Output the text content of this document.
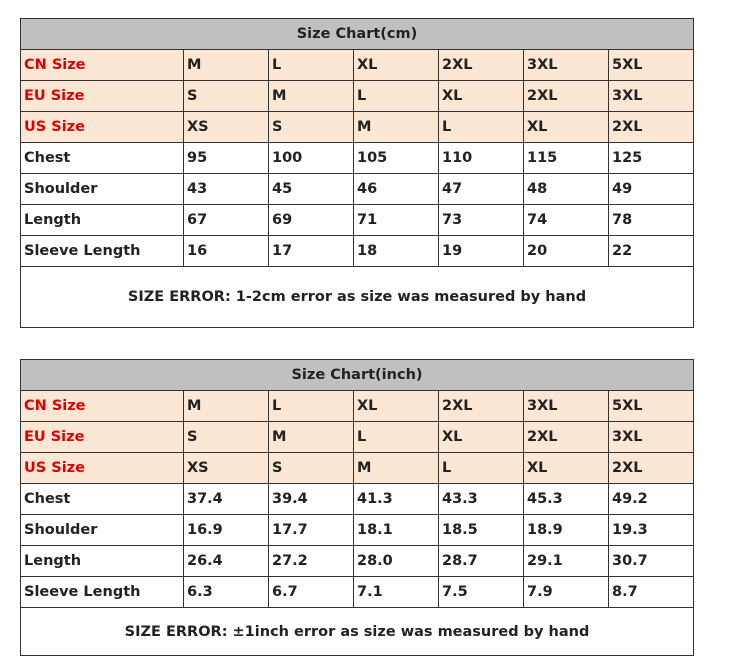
Size Chart(cm)						
CN Size	M	L	XL	2XL	3XL	5XL
EU Size	S	M	L	XL	2XL	3XL
US Size	XS	S	M	L	XL	2XL
Chest	95	100	105	110	115	125
Shoulder	43	45	46	47	48	49
Length	67	69	71	73	74	78
Sleeve Length	16	17	18	19	20	22
SIZE ERROR: 1-2cm error as size was measured by hand						
Size Chart(inch)						
CN Size	M	L	XL	2XL	3XL	5XL
EU Size	S	M	L	XL	2XL	3XL
US Size	XS	S	M	L	XL	2XL
Chest	37.4	39.4	41.3	43.3	45.3	49.2
Shoulder	16.9	17.7	18.1	18.5	18.9	19.3
Length	26.4	27.2	28.0	28.7	29.1	30.7
Sleeve Length	6.3	6.7	7.1	7.5	7.9	8.7
SIZE ERROR: ±1inch error as size was measured by hand						
